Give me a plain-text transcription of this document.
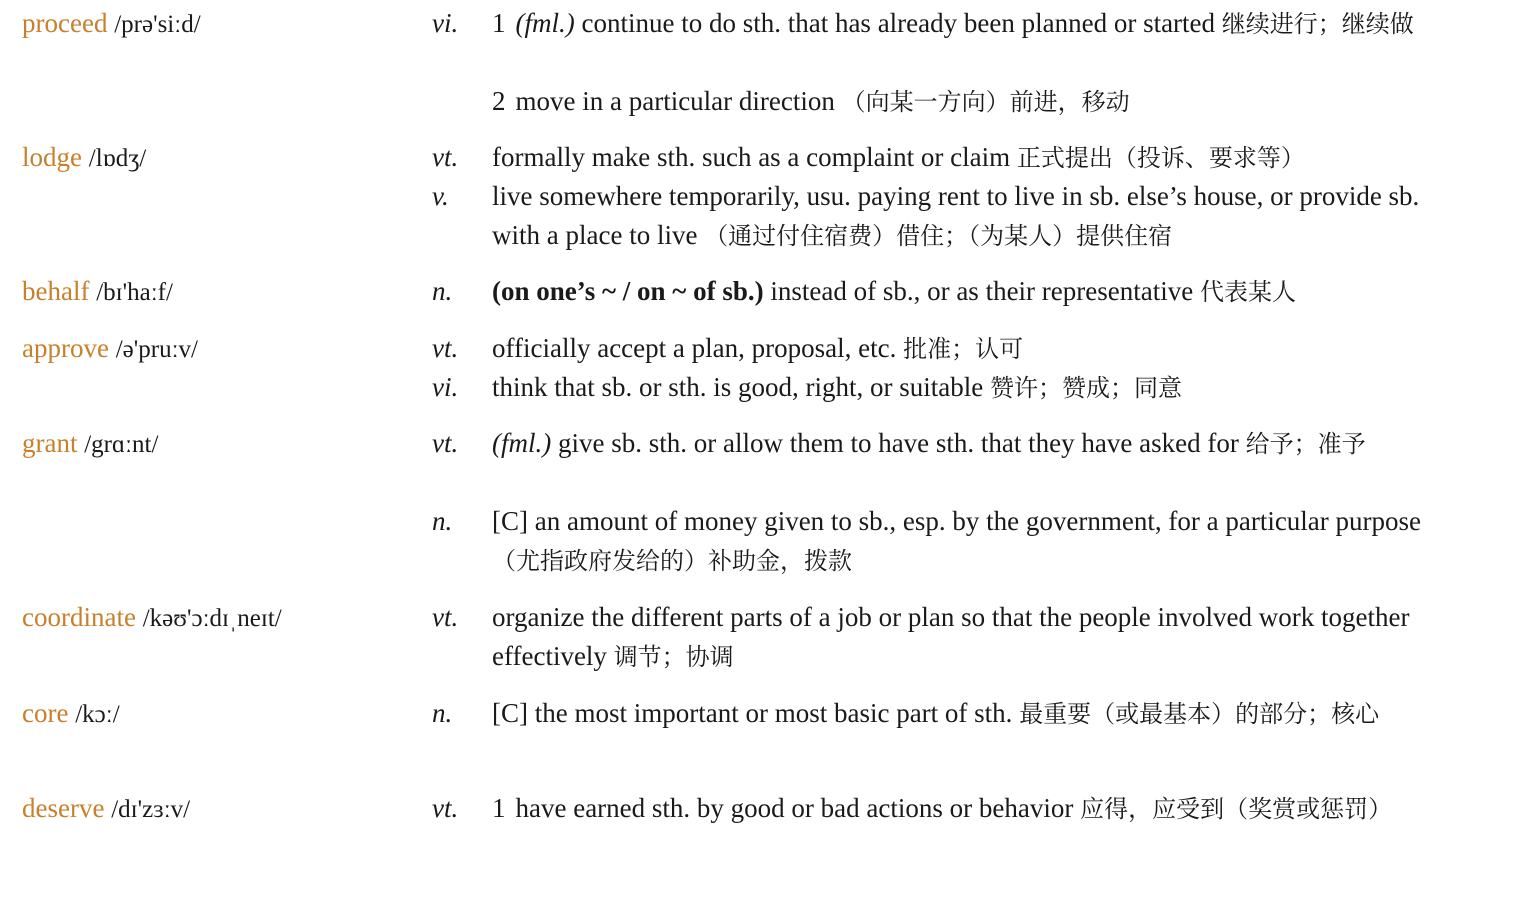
proceed /prə'siːd/	vi. 1 (fml.) continue to do sth. that has already been planned or started 继续进行；继续做
2 move in a particular direction （向某一方向）前进，移动
lodge /lɒdʒ/	vt. formally make sth. such as a complaint or claim 正式提出（投诉、要求等）
v. live somewhere temporarily, usu. paying rent to live in sb. else’s house, or provide sb. with a place to live （通过付住宿费）借住；（为某人）提供住宿
behalf /bɪ'haːf/	n. (on one’s ~ / on ~ of sb.) instead of sb., or as their representative 代表某人
approve /ə'pruːv/	vt. officially accept a plan, proposal, etc. 批准；认可
vi. think that sb. or sth. is good, right, or suitable 赞许；赞成；同意
grant /grɑːnt/	vt. (fml.) give sb. sth. or allow them to have sth. that they have asked for 给予；准予
n. [C] an amount of money given to sb., esp. by the government, for a particular purpose （尤指政府发给的）补助金，拨款
coordinate /kəʊ'ɔːdɪˌneɪt/	vt. organize the different parts of a job or plan so that the people involved work together effectively 调节；协调
core /kɔː/	n. [C] the most important or most basic part of sth. 最重要（或最基本）的部分；核心
deserve /dɪ'zɜːv/	vt. 1 have earned sth. by good or bad actions or behavior 应得，应受到（奖赏或惩罚）
